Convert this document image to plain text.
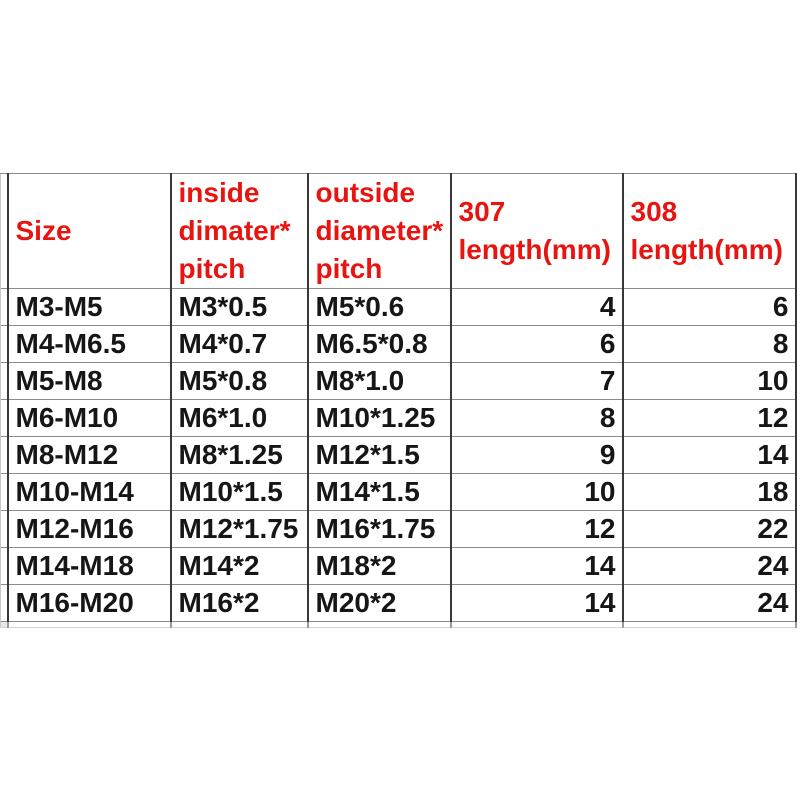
	Size	inside dimater* pitch	outside diameter* pitch	307 length(mm)	308 length(mm)
	M3-M5	M3*0.5	M5*0.6	4	6
	M4-M6.5	M4*0.7	M6.5*0.8	6	8
	M5-M8	M5*0.8	M8*1.0	7	10
	M6-M10	M6*1.0	M10*1.25	8	12
	M8-M12	M8*1.25	M12*1.5	9	14
	M10-M14	M10*1.5	M14*1.5	10	18
	M12-M16	M12*1.75	M16*1.75	12	22
	M14-M18	M14*2	M18*2	14	24
	M16-M20	M16*2	M20*2	14	24
